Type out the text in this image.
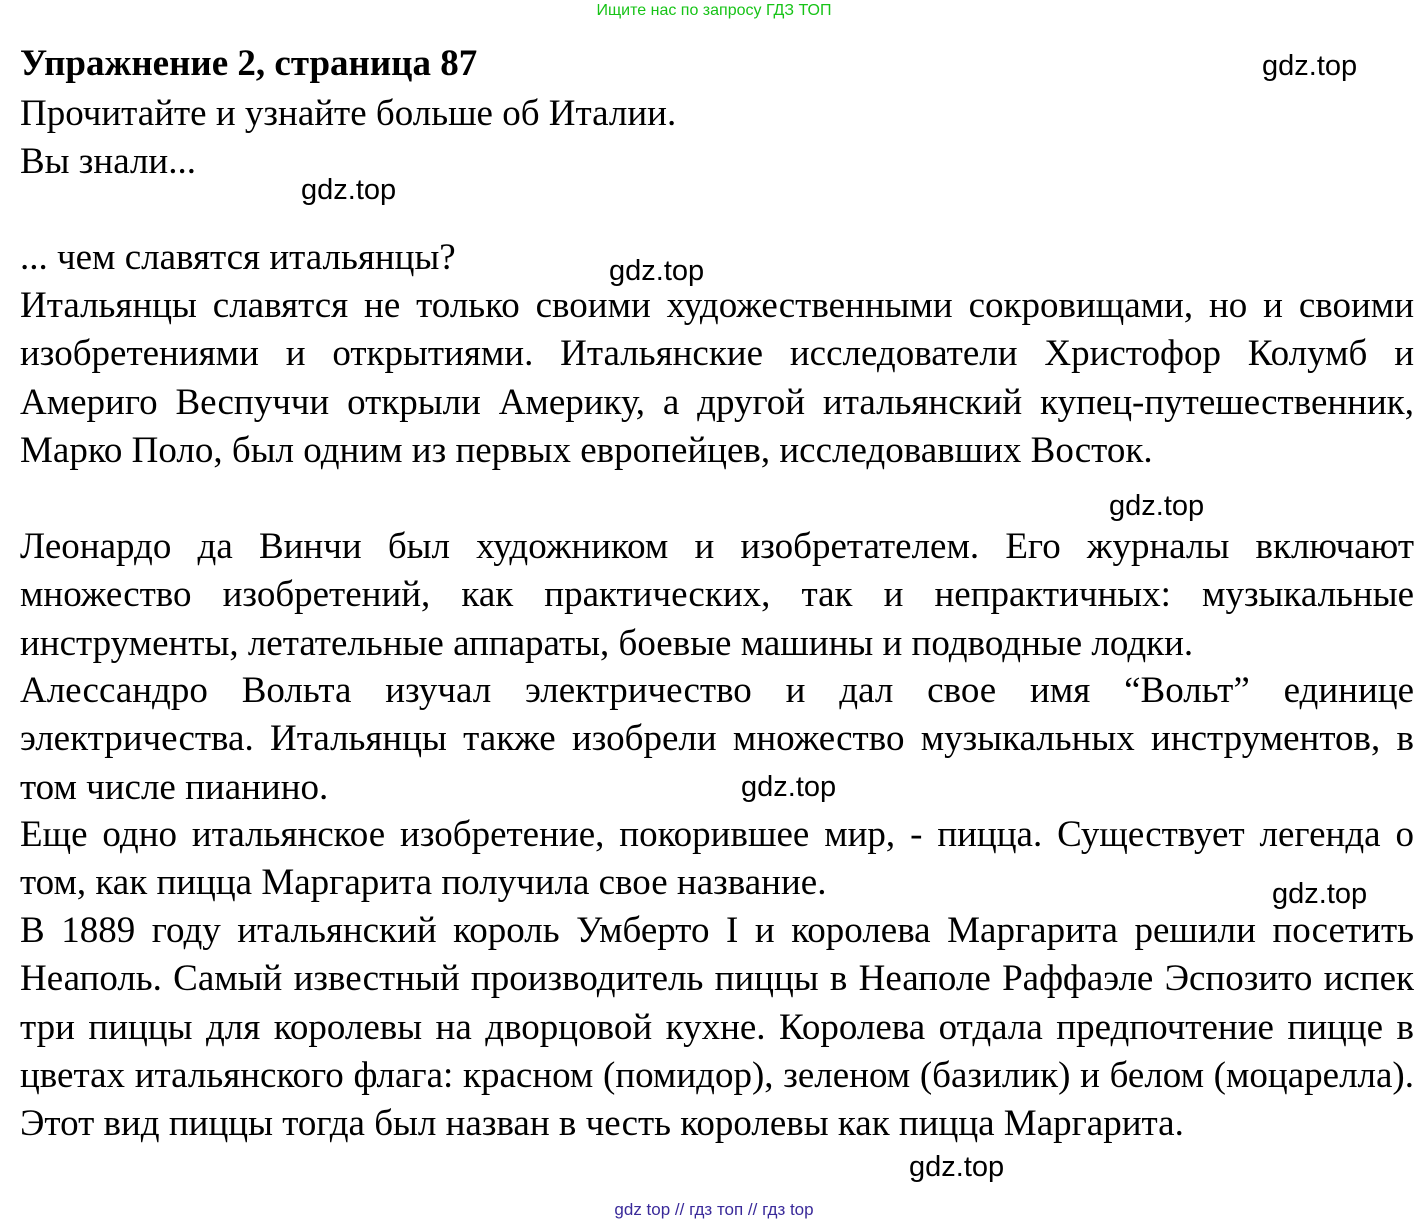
Ищите нас по запросу ГДЗ ТОП
Упражнение 2, страница 87

Прочитайте и узнайте больше об Италии.

Вы знали...

... чем славятся итальянцы?

Итальянцы славятся не только своими художественными сокровищами, но и своими изобретениями и открытиями. Итальянские исследователи Христофор Колумб и Америго Веспуччи открыли Америку, а другой итальянский купец-путешественник, Марко Поло, был одним из первых европейцев, исследовавших Восток.

Леонардо да Винчи был художником и изобретателем. Его журналы включают множество изобретений, как практических, так и непрактичных: музыкальные инструменты, летательные аппараты, боевые машины и подводные лодки.

Алессандро Вольта изучал электричество и дал свое имя “Вольт” единице электричества. Итальянцы также изобрели множество музыкальных инструментов, в том числе пианино.

Еще одно итальянское изобретение, покорившее мир, - пицца. Существует легенда о том, как пицца Маргарита получила свое название.

В 1889 году итальянский король Умберто I и королева Маргарита решили посетить Неаполь. Самый известный производитель пиццы в Неаполе Раффаэле Эспозито испек три пиццы для королевы на дворцовой кухне. Королева отдала предпочтение пицце в цветах итальянского флага: красном (помидор), зеленом (базилик) и белом (моцарелла). Этот вид пиццы тогда был назван в честь королевы как пицца Маргарита.

gdz.top
gdz.top
gdz.top
gdz.top
gdz.top
gdz.top
gdz.top
gdz top // гдз топ // гдз top
